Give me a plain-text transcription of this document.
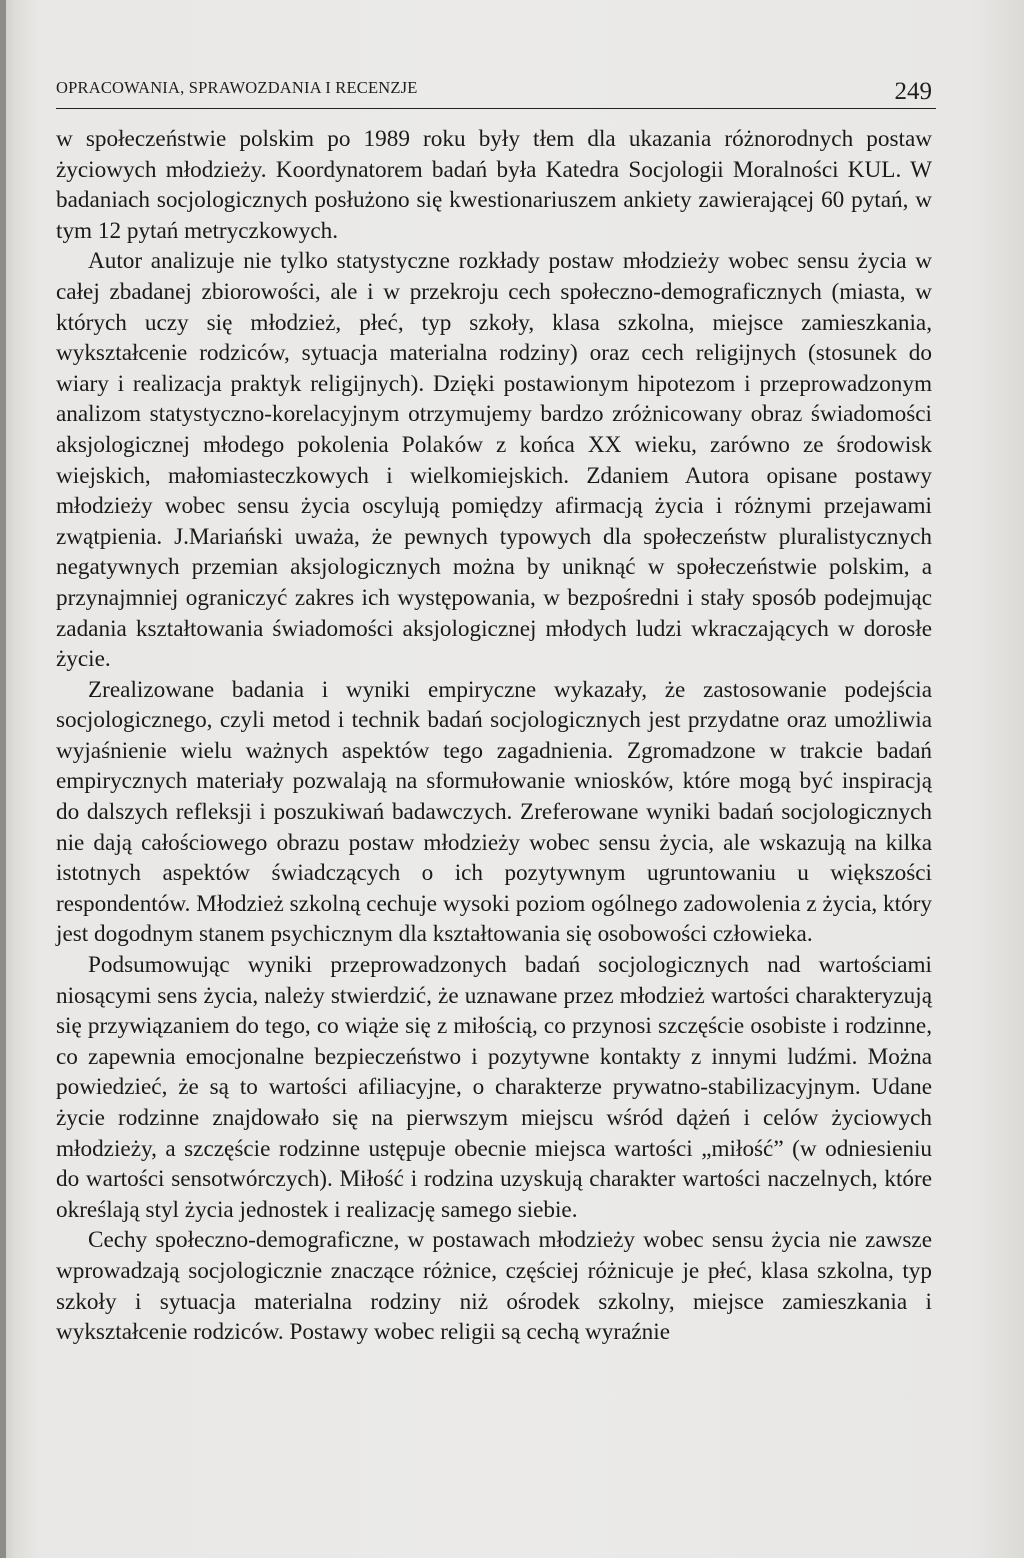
OPRACOWANIA, SPRAWOZDANIA I RECENZJE	249

w społeczeństwie polskim po 1989 roku były tłem dla ukazania różnorodnych postaw życiowych młodzieży. Koordynatorem badań była Katedra Socjologii Moralności KUL. W badaniach socjologicznych posłużono się kwestionariuszem ankiety zawierającej 60 pytań, w tym 12 pytań metryczkowych.

Autor analizuje nie tylko statystyczne rozkłady postaw młodzieży wobec sensu życia w całej zbadanej zbiorowości, ale i w przekroju cech społeczno-demograficznych (miasta, w których uczy się młodzież, płeć, typ szkoły, klasa szkolna, miejsce zamieszkania, wykształcenie rodziców, sytuacja materialna rodziny) oraz cech religijnych (stosunek do wiary i realizacja praktyk religijnych). Dzięki postawionym hipotezom i przeprowadzonym analizom statystyczno-korelacyjnym otrzymujemy bardzo zróżnicowany obraz świadomości aksjologicznej młodego pokolenia Polaków z końca XX wieku, zarówno ze środowisk wiejskich, małomiasteczkowych i wielkomiejskich. Zdaniem Autora opisane postawy młodzieży wobec sensu życia oscylują pomiędzy afirmacją życia i różnymi przejawami zwątpienia. J.Mariański uważa, że pewnych typowych dla społeczeństw pluralistycznych negatywnych przemian aksjologicznych można by uniknąć w społeczeństwie polskim, a przynajmniej ograniczyć zakres ich występowania, w bezpośredni i stały sposób podejmując zadania kształtowania świadomości aksjologicznej młodych ludzi wkraczających w dorosłe życie.

Zrealizowane badania i wyniki empiryczne wykazały, że zastosowanie podejścia socjologicznego, czyli metod i technik badań socjologicznych jest przydatne oraz umożliwia wyjaśnienie wielu ważnych aspektów tego zagadnienia. Zgromadzone w trakcie badań empirycznych materiały pozwalają na sformułowanie wniosków, które mogą być inspiracją do dalszych refleksji i poszukiwań badawczych. Zreferowane wyniki badań socjologicznych nie dają całościowego obrazu postaw młodzieży wobec sensu życia, ale wskazują na kilka istotnych aspektów świadczących o ich pozytywnym ugruntowaniu u większości respondentów. Młodzież szkolną cechuje wysoki poziom ogólnego zadowolenia z życia, który jest dogodnym stanem psychicznym dla kształtowania się osobowości człowieka.

Podsumowując wyniki przeprowadzonych badań socjologicznych nad wartościami niosącymi sens życia, należy stwierdzić, że uznawane przez młodzież wartości charakteryzują się przywiązaniem do tego, co wiąże się z miłością, co przynosi szczęście osobiste i rodzinne, co zapewnia emocjonalne bezpieczeństwo i pozytywne kontakty z innymi ludźmi. Można powiedzieć, że są to wartości afiliacyjne, o charakterze prywatno-stabilizacyjnym. Udane życie rodzinne znajdowało się na pierwszym miejscu wśród dążeń i celów życiowych młodzieży, a szczęście rodzinne ustępuje obecnie miejsca wartości „miłość” (w odniesieniu do wartości sensotwórczych). Miłość i rodzina uzyskują charakter wartości naczelnych, które określają styl życia jednostek i realizację samego siebie.

Cechy społeczno-demograficzne, w postawach młodzieży wobec sensu życia nie zawsze wprowadzają socjologicznie znaczące różnice, częściej różnicuje je płeć, klasa szkolna, typ szkoły i sytuacja materialna rodziny niż ośrodek szkolny, miejsce zamieszkania i wykształcenie rodziców. Postawy wobec religii są cechą wyraźnie
